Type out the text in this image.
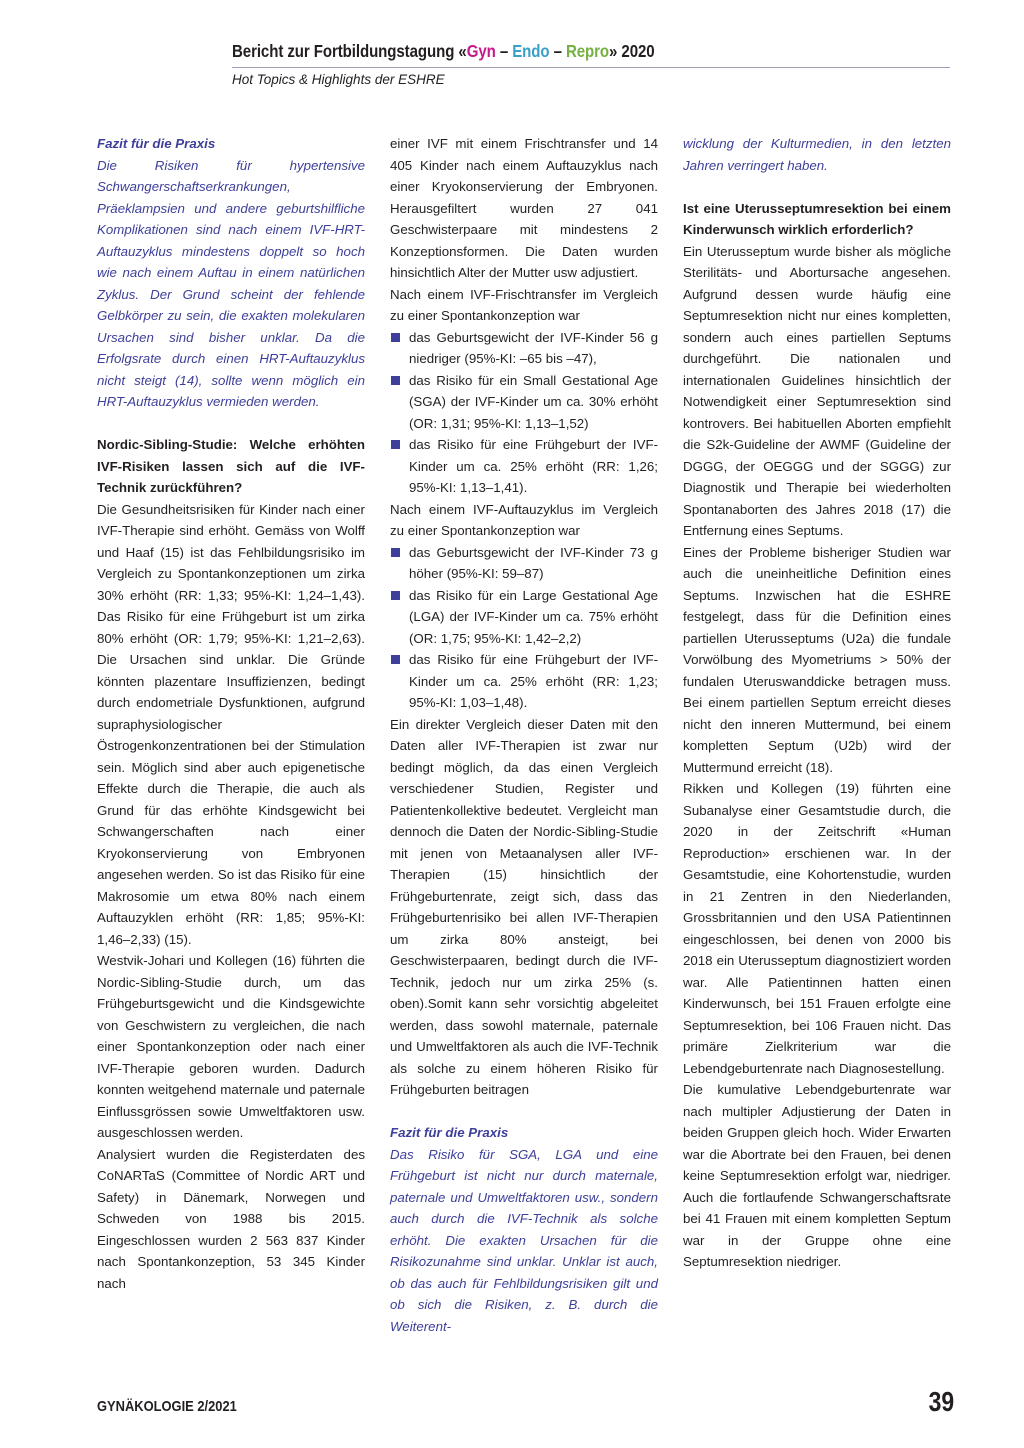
Bericht zur Fortbildungstagung «Gyn – Endo – Repro» 2020
Hot Topics & Highlights der ESHRE

Fazit für die Praxis

Die Risiken für hypertensive Schwangerschaftserkrankungen, Präeklampsien und andere geburtshilfliche Komplikationen sind nach einem IVF-HRT-Auftauzyklus mindestens doppelt so hoch wie nach einem Auftau in einem natürlichen Zyklus. Der Grund scheint der fehlende Gelbkörper zu sein, die exakten molekularen Ursachen sind bisher unklar. Da die Erfolgsrate durch einen HRT-Auftauzyklus nicht steigt (14), sollte wenn möglich ein HRT-Auftauzyklus vermieden werden.

Nordic-Sibling-Studie: Welche erhöhten IVF-Risiken lassen sich auf die IVF-Technik zurückführen?

Die Gesundheitsrisiken für Kinder nach einer IVF-Therapie sind erhöht. Gemäss von Wolff und Haaf (15) ist das Fehlbildungsrisiko im Vergleich zu Spontankonzeptionen um zirka 30% erhöht (RR: 1,33; 95%-KI: 1,24–1,43). Das Risiko für eine Frühgeburt ist um zirka 80% erhöht (OR: 1,79; 95%-KI: 1,21–2,63). Die Ursachen sind unklar. Die Gründe könnten plazentare Insuffizienzen, bedingt durch endometriale Dysfunktionen, aufgrund supraphysiologischer Östrogenkonzentrationen bei der Stimulation sein. Möglich sind aber auch epigenetische Effekte durch die Therapie, die auch als Grund für das erhöhte Kindsgewicht bei Schwangerschaften nach einer Kryokonservierung von Embryonen angesehen werden. So ist das Risiko für eine Makrosomie um etwa 80% nach einem Auftauzyklen erhöht (RR: 1,85; 95%-KI: 1,46–2,33) (15).

Westvik-Johari und Kollegen (16) führten die Nordic-Sibling-Studie durch, um das Frühgeburtsgewicht und die Kindsgewichte von Geschwistern zu vergleichen, die nach einer Spontankonzeption oder nach einer IVF-Therapie geboren wurden. Dadurch konnten weitgehend maternale und paternale Einflussgrössen sowie Umweltfaktoren usw. ausgeschlossen werden.

Analysiert wurden die Registerdaten des CoNARTaS (Committee of Nordic ART und Safety) in Dänemark, Norwegen und Schweden von 1988 bis 2015. Eingeschlossen wurden 2 563 837 Kinder nach Spontankonzeption, 53 345 Kinder nach

einer IVF mit einem Frischtransfer und 14 405 Kinder nach einem Auftauzyklus nach einer Kryokonservierung der Embryonen. Herausgefiltert wurden 27 041 Geschwisterpaare mit mindestens 2 Konzeptionsformen. Die Daten wurden hinsichtlich Alter der Mutter usw adjustiert.

Nach einem IVF-Frischtransfer im Vergleich zu einer Spontankonzeption war

das Geburtsgewicht der IVF-Kinder 56 g niedriger (95%-KI: –65 bis –47),
das Risiko für ein Small Gestational Age (SGA) der IVF-Kinder um ca. 30% erhöht (OR: 1,31; 95%-KI: 1,13–1,52)
das Risiko für eine Frühgeburt der IVF-Kinder um ca. 25% erhöht (RR: 1,26; 95%-KI: 1,13–1,41).

Nach einem IVF-Auftauzyklus im Vergleich zu einer Spontankonzeption war

das Geburtsgewicht der IVF-Kinder 73 g höher (95%-KI: 59–87)
das Risiko für ein Large Gestational Age (LGA) der IVF-Kinder um ca. 75% erhöht (OR: 1,75; 95%-KI: 1,42–2,2)
das Risiko für eine Frühgeburt der IVF-Kinder um ca. 25% erhöht (RR: 1,23; 95%-KI: 1,03–1,48).

Ein direkter Vergleich dieser Daten mit den Daten aller IVF-Therapien ist zwar nur bedingt möglich, da das einen Vergleich verschiedener Studien, Register und Patientenkollektive bedeutet. Vergleicht man dennoch die Daten der Nordic-Sibling-Studie mit jenen von Metaanalysen aller IVF-Therapien (15) hinsichtlich der Frühgeburtenrate, zeigt sich, dass das Frühgeburtenrisiko bei allen IVF-Therapien um zirka 80% ansteigt, bei Geschwisterpaaren, bedingt durch die IVF-Technik, jedoch nur um zirka 25% (s. oben).Somit kann sehr vorsichtig abgeleitet werden, dass sowohl maternale, paternale und Umweltfaktoren als auch die IVF-Technik als solche zu einem höheren Risiko für Frühgeburten beitragen

Fazit für die Praxis

Das Risiko für SGA, LGA und eine Frühgeburt ist nicht nur durch maternale, paternale und Umweltfaktoren usw., sondern auch durch die IVF-Technik als solche erhöht. Die exakten Ursachen für die Risikozunahme sind unklar. Unklar ist auch, ob das auch für Fehlbildungsrisiken gilt und ob sich die Risiken, z. B. durch die Weiterent-

wicklung der Kulturmedien, in den letzten Jahren verringert haben.

Ist eine Uterusseptumresektion bei einem Kinderwunsch wirklich erforderlich?

Ein Uterusseptum wurde bisher als mögliche Sterilitäts- und Abortursache angesehen. Aufgrund dessen wurde häufig eine Septumresektion nicht nur eines kompletten, sondern auch eines partiellen Septums durchgeführt. Die nationalen und internationalen Guidelines hinsichtlich der Notwendigkeit einer Septumresektion sind kontrovers. Bei habituellen Aborten empfiehlt die S2k-Guideline der AWMF (Guideline der DGGG, der OEGGG und der SGGG) zur Diagnostik und Therapie bei wiederholten Spontanaborten des Jahres 2018 (17) die Entfernung eines Septums.

Eines der Probleme bisheriger Studien war auch die uneinheitliche Definition eines Septums. Inzwischen hat die ESHRE festgelegt, dass für die Definition eines partiellen Uterusseptums (U2a) die fundale Vorwölbung des Myometriums > 50% der fundalen Uteruswanddicke betragen muss. Bei einem partiellen Septum erreicht dieses nicht den inneren Muttermund, bei einem kompletten Septum (U2b) wird der Muttermund erreicht (18).

Rikken und Kollegen (19) führten eine Subanalyse einer Gesamtstudie durch, die 2020 in der Zeitschrift «Human Reproduction» erschienen war. In der Gesamtstudie, eine Kohortenstudie, wurden in 21 Zentren in den Niederlanden, Grossbritannien und den USA Patientinnen eingeschlossen, bei denen von 2000 bis 2018 ein Uterusseptum diagnostiziert worden war. Alle Patientinnen hatten einen Kinderwunsch, bei 151 Frauen erfolgte eine Septumresektion, bei 106 Frauen nicht. Das primäre Zielkriterium war die Lebendgeburtenrate nach Diagnosestellung.

Die kumulative Lebendgeburtenrate war nach multipler Adjustierung der Daten in beiden Gruppen gleich hoch. Wider Erwarten war die Abortrate bei den Frauen, bei denen keine Septumresektion erfolgt war, niedriger. Auch die fortlaufende Schwangerschaftsrate bei 41 Frauen mit einem kompletten Septum war in der Gruppe ohne eine Septumresektion niedriger.

GYNÄKOLOGIE 2/2021	39
